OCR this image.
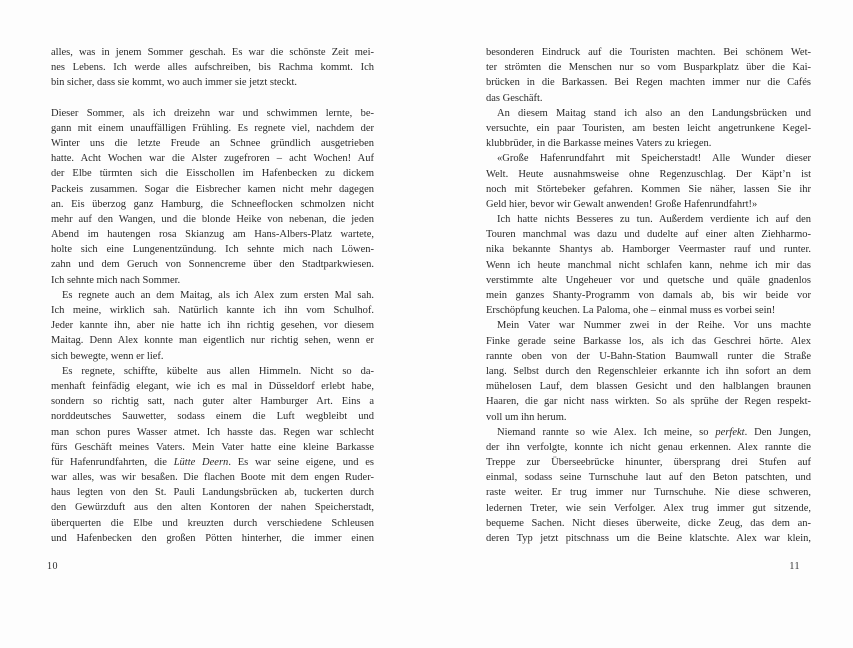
alles, was in jenem Sommer geschah. Es war die schönste Zeit mei-
nes Lebens. Ich werde alles aufschreiben, bis Rachma kommt. Ich
bin sicher, dass sie kommt, wo auch immer sie jetzt steckt.
Dieser Sommer, als ich dreizehn war und schwimmen lernte, be-
gann mit einem unauffälligen Frühling. Es regnete viel, nachdem der
Winter uns die letzte Freude an Schnee gründlich ausgetrieben
hatte. Acht Wochen war die Alster zugefroren – acht Wochen! Auf
der Elbe türmten sich die Eisschollen im Hafenbecken zu dickem
Packeis zusammen. Sogar die Eisbrecher kamen nicht mehr dagegen
an. Eis überzog ganz Hamburg, die Schneeflocken schmolzen nicht
mehr auf den Wangen, und die blonde Heike von nebenan, die jeden
Abend im hautengen rosa Skianzug am Hans-Albers-Platz wartete,
holte sich eine Lungenentzündung. Ich sehnte mich nach Löwen-
zahn und dem Geruch von Sonnencreme über den Stadtparkwiesen.
Ich sehnte mich nach Sommer.
Es regnete auch an dem Maitag, als ich Alex zum ersten Mal sah.
Ich meine, wirklich sah. Natürlich kannte ich ihn vom Schulhof.
Jeder kannte ihn, aber nie hatte ich ihn richtig gesehen, vor diesem
Maitag. Denn Alex konnte man eigentlich nur richtig sehen, wenn er
sich bewegte, wenn er lief.
Es regnete, schiffte, kübelte aus allen Himmeln. Nicht so da-
menhaft feinfädig elegant, wie ich es mal in Düsseldorf erlebt habe,
sondern so richtig satt, nach guter alter Hamburger Art. Eins a
norddeutsches Sauwetter, sodass einem die Luft wegbleibt und
man schon pures Wasser atmet. Ich hasste das. Regen war schlecht
fürs Geschäft meines Vaters. Mein Vater hatte eine kleine Barkasse
für Hafenrundfahrten, die Lütte Deern. Es war seine eigene, und es
war alles, was wir besaßen. Die flachen Boote mit dem engen Ruder-
haus legten von den St. Pauli Landungsbrücken ab, tuckerten durch
den Gewürzduft aus den alten Kontoren der nahen Speicherstadt,
überquerten die Elbe und kreuzten durch verschiedene Schleusen
und Hafenbecken den großen Pötten hinterher, die immer einen
besonderen Eindruck auf die Touristen machten. Bei schönem Wet-
ter strömten die Menschen nur so vom Busparkplatz über die Kai-
brücken in die Barkassen. Bei Regen machten immer nur die Cafés
das Geschäft.
An diesem Maitag stand ich also an den Landungsbrücken und
versuchte, ein paar Touristen, am besten leicht angetrunkene Kegel-
klubbrüder, in die Barkasse meines Vaters zu kriegen.
«Große Hafenrundfahrt mit Speicherstadt! Alle Wunder dieser
Welt. Heute ausnahmsweise ohne Regenzuschlag. Der Käpt’n ist
noch mit Störtebeker gefahren. Kommen Sie näher, lassen Sie ihr
Geld hier, bevor wir Gewalt anwenden! Große Hafenrundfahrt!»
Ich hatte nichts Besseres zu tun. Außerdem verdiente ich auf den
Touren manchmal was dazu und dudelte auf einer alten Ziehharmo-
nika bekannte Shantys ab. Hamborger Veermaster rauf und runter.
Wenn ich heute manchmal nicht schlafen kann, nehme ich mir das
verstimmte alte Ungeheuer vor und quetsche und quäle gnadenlos
mein ganzes Shanty-Programm von damals ab, bis wir beide vor
Erschöpfung keuchen. La Paloma, ohe – einmal muss es vorbei sein!
Mein Vater war Nummer zwei in der Reihe. Vor uns machte
Finke gerade seine Barkasse los, als ich das Geschrei hörte. Alex
rannte oben von der U-Bahn-Station Baumwall runter die Straße
lang. Selbst durch den Regenschleier erkannte ich ihn sofort an dem
mühelosen Lauf, dem blassen Gesicht und den halblangen braunen
Haaren, die gar nicht nass wirkten. So als sprühe der Regen respekt-
voll um ihn herum.
Niemand rannte so wie Alex. Ich meine, so perfekt. Den Jungen,
der ihn verfolgte, konnte ich nicht genau erkennen. Alex rannte die
Treppe zur Überseebrücke hinunter, übersprang drei Stufen auf
einmal, sodass seine Turnschuhe laut auf den Beton patschten, und
raste weiter. Er trug immer nur Turnschuhe. Nie diese schweren,
ledernen Treter, wie sein Verfolger. Alex trug immer gut sitzende,
bequeme Sachen. Nicht dieses überweite, dicke Zeug, das dem an-
deren Typ jetzt pitschnass um die Beine klatschte. Alex war klein,
10	11
